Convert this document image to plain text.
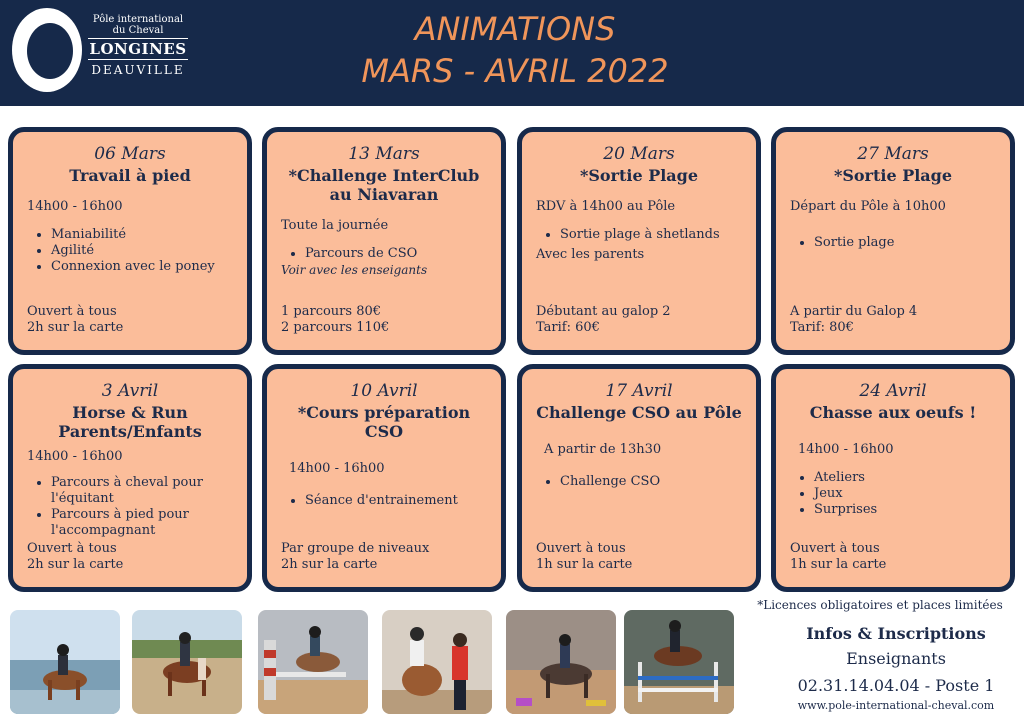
Pôle international
du Cheval
LONGINES
DEAUVILLE
ANIMATIONS
MARS - AVRIL 2022
06 Mars
Travail à pied
14h00 - 16h00
• Maniabilité
• Agilité
• Connexion avec le poney
Ouvert à tous
2h sur la carte
13 Mars
*Challenge InterClub au Niavaran
Toute la journée
• Parcours de CSO
Voir avec les enseigants
1 parcours 80€
2 parcours 110€
20 Mars
*Sortie Plage
RDV à 14h00 au Pôle
• Sortie plage à shetlands
Avec les parents
Débutant au galop 2
Tarif: 60€
27 Mars
*Sortie Plage
Départ du Pôle à 10h00
• Sortie plage
A partir du Galop 4
Tarif: 80€
3 Avril
Horse & Run Parents/Enfants
14h00 - 16h00
• Parcours à cheval pour l'équitant
• Parcours à pied pour l'accompagnant
Ouvert à tous
2h sur la carte
10 Avril
*Cours préparation CSO
14h00 - 16h00
• Séance d'entrainement
Par groupe de niveaux
2h sur la carte
17 Avril
Challenge CSO au Pôle
A partir de 13h30
• Challenge CSO
Ouvert à tous
1h sur la carte
24 Avril
Chasse aux oeufs !
14h00 - 16h00
• Ateliers
• Jeux
• Surprises
Ouvert à tous
1h sur la carte
*Licences obligatoires et places limitées
Infos & Inscriptions
Enseignants
02.31.14.04.04 - Poste 1
www.pole-international-cheval.com
